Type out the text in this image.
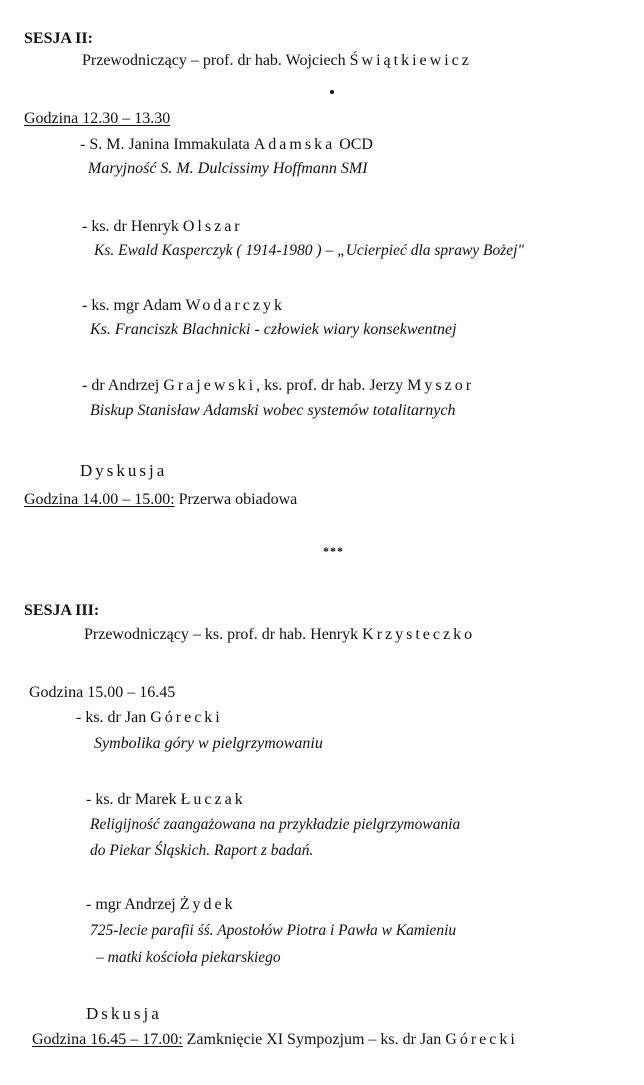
SESJA II:
Przewodniczący – prof. dr hab. Wojciech Świątkiewicz
Godzina 12.30 – 13.30
- S. M. Janina Immakulata Adamska OCD
Maryjność S. M. Dulcissimy Hoffmann SMI
- ks. dr Henryk Olszar
Ks. Ewald Kasperczyk ( 1914-1980 ) – „Ucierpieć dla sprawy Bożej"
- ks. mgr Adam Wodarczyk
Ks. Franciszk Blachnicki - człowiek wiary konsekwentnej
- dr Andrzej Grajewski, ks. prof. dr hab. Jerzy Myszor
Biskup Stanisław Adamski wobec systemów totalitarnych
Dyskusja
Godzina 14.00 – 15.00: Przerwa obiadowa
***
SESJA III:
Przewodniczący – ks. prof. dr hab. Henryk Krzysteczko
Godzina 15.00 – 16.45
- ks. dr Jan Górecki
Symbolika góry w pielgrzymowaniu
- ks. dr Marek Łuczak
Religijność zaangażowana na przykładzie pielgrzymowania
do Piekar Śląskich. Raport z badań.
- mgr Andrzej Żydek
725-lecie parafii śś. Apostołów Piotra i Pawła w Kamieniu
– matki kościoła piekarskiego
Dskusja
Godzina 16.45 – 17.00: Zamknięcie XI Sympozjum – ks. dr Jan Górecki
